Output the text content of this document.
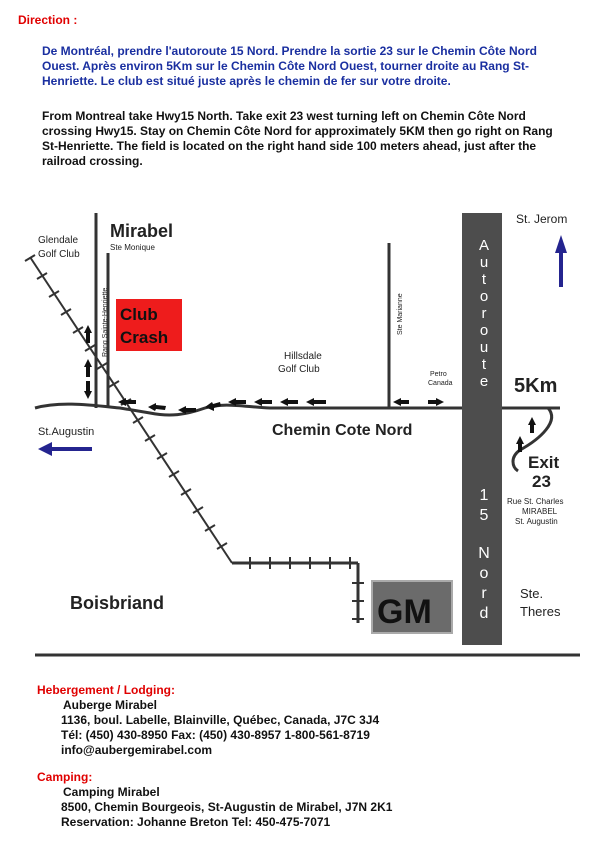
Direction :
De Montréal, prendre l'autoroute 15 Nord. Prendre la sortie 23 sur le Chemin Côte Nord Ouest. Après environ 5Km sur le Chemin Côte Nord Ouest, tourner droite au Rang St-Henriette. Le club est situé juste après le chemin de fer sur votre droite.
From Montreal take Hwy15 North. Take exit 23 west turning left on Chemin Côte Nord crossing Hwy15. Stay on Chemin Côte Nord for approximately 5KM then go right on Rang St-Henriette. The field is located on the right hand side 100 meters ahead, just after the railroad crossing.
Glendale
Golf Club
Mirabel
Ste Monique
Rang Sainte-Henriette Club
Crash
Ste Marianne
Hillsdale
Golf Club	Petro
Canada
St. Jerom
5Km
Chemin Cote Nord
St.Augustin
Exit
23
Rue St. Charles
MIRABEL
St. Augustin
Boisbriand	GM	Ste.
Theres
A
u
t
o
r
o
u
t
e
1
5
N
o
r
d
Hebergement / Lodging:
Auberge Mirabel
1136, boul. Labelle, Blainville, Québec, Canada, J7C 3J4
Tél: (450) 430-8950 Fax: (450) 430-8957 1-800-561-8719
info@aubergemirabel.com
Camping:
Camping Mirabel
8500, Chemin Bourgeois, St-Augustin de Mirabel, J7N 2K1
Reservation: Johanne Breton Tel: 450-475-7071
